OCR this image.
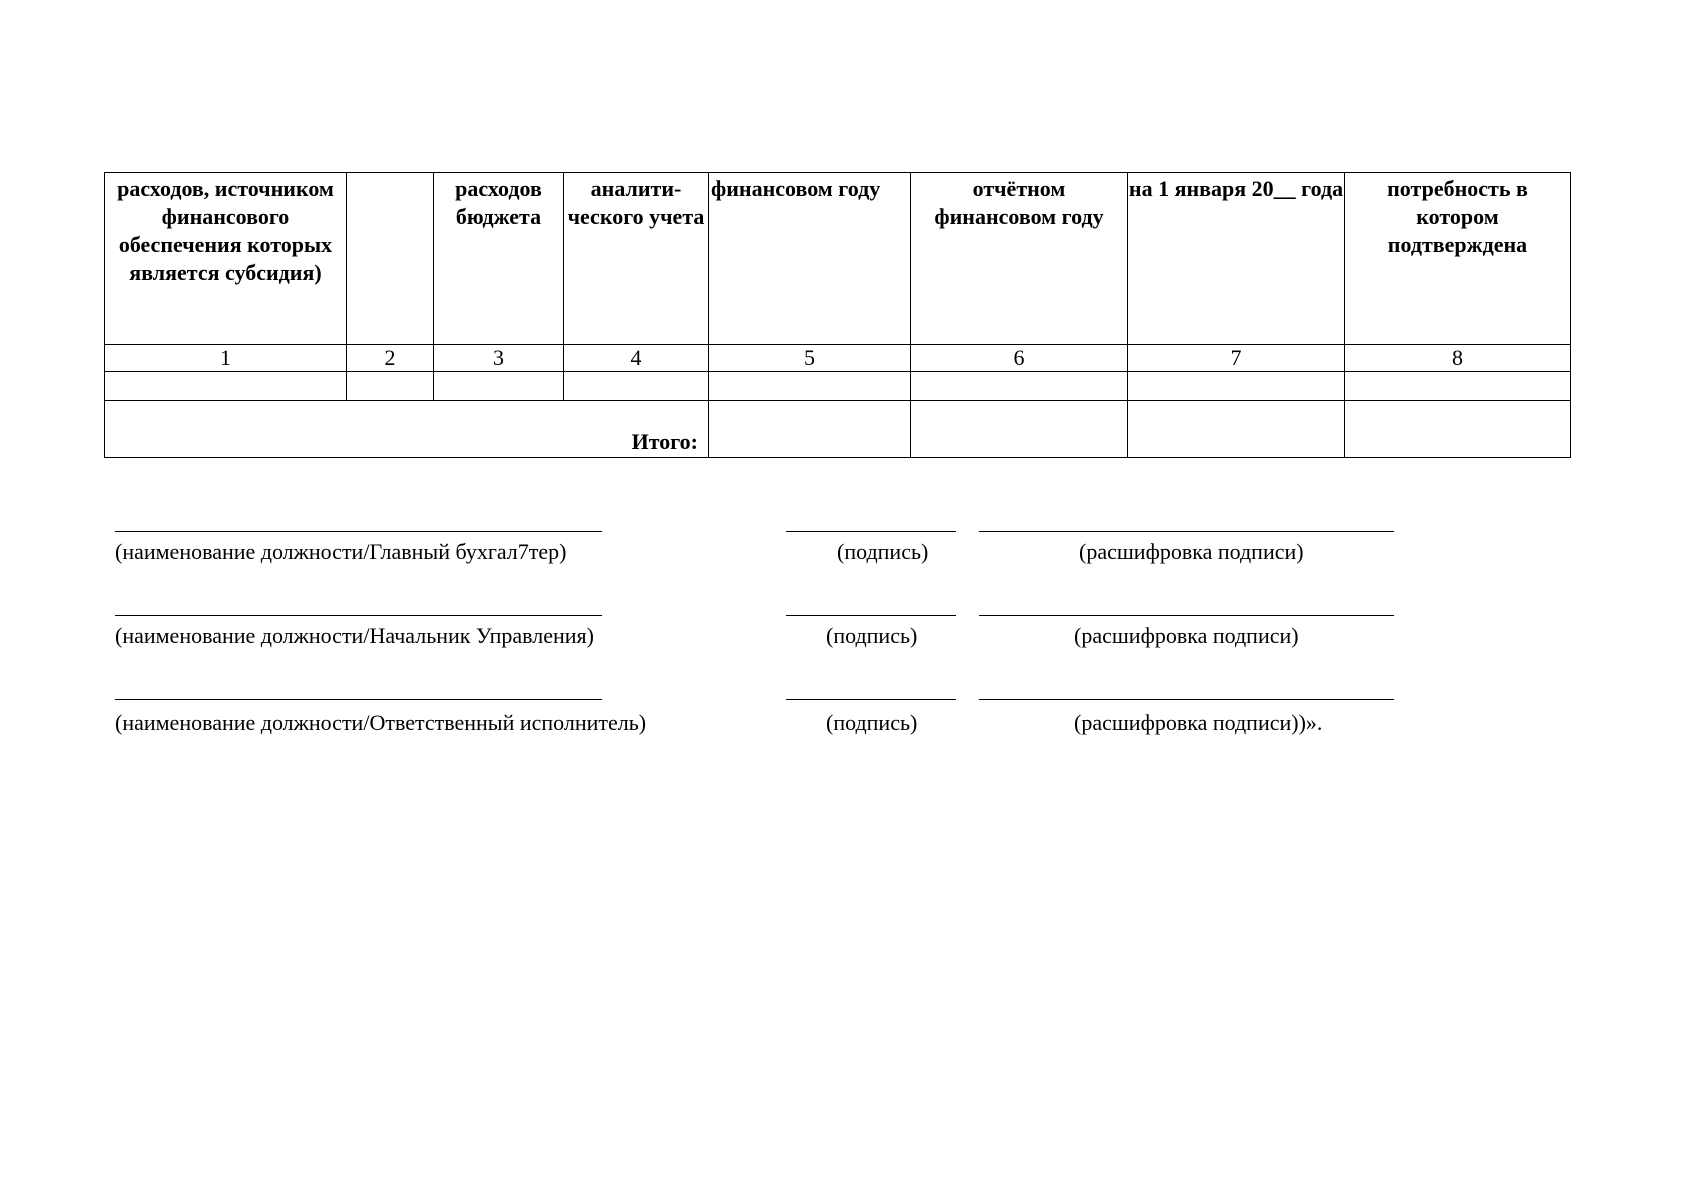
расходов, источником финансового обеспечения которых является субсидия)		расходов бюджета	аналити-ческого учета	финансовом году	отчётном финансовом году	на 1 января 20__ года	потребность в котором подтверждена
1	2	3	4	5	6	7	8

Итого:							
(наименование должности/Главный бухгал7тер)	(подпись)	(расшифровка подписи)
(наименование должности/Начальник Управления)	(подпись)	(расшифровка подписи)
(наименование должности/Ответственный исполнитель)	(подпись)	(расшифровка подписи))».
